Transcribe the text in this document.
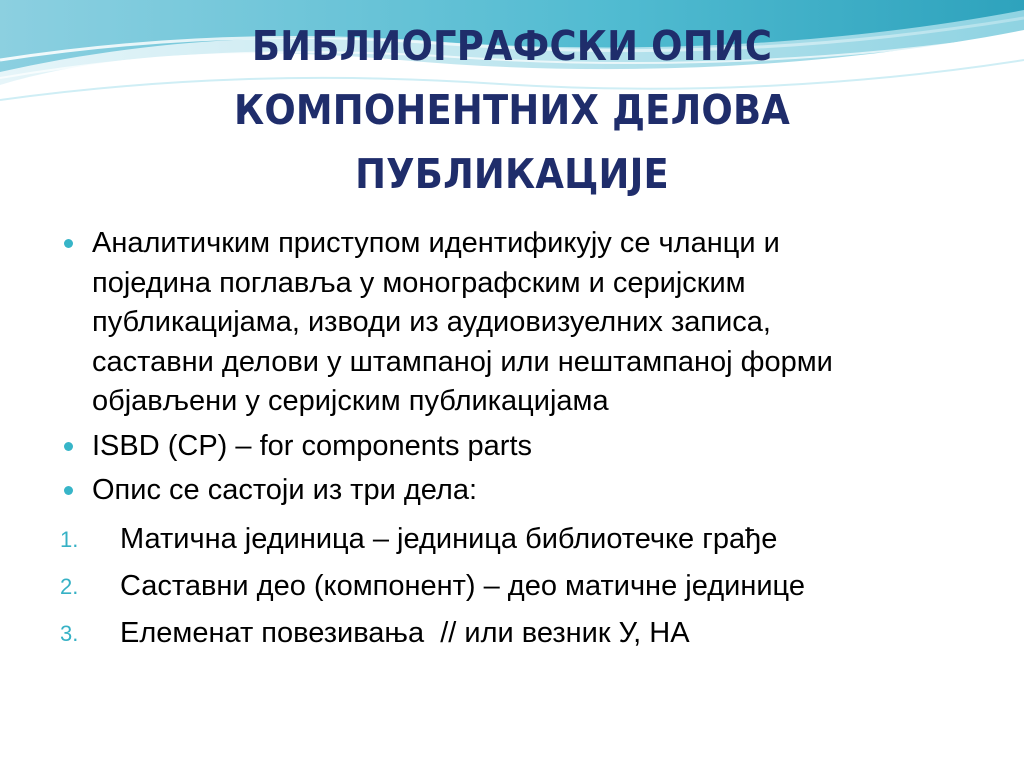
БИБЛИОГРАФСКИ ОПИС
КОМПОНЕНТНИХ ДЕЛОВА
ПУБЛИКАЦИЈЕ
Аналитичким приступом идентификују се чланци и
поједина поглавља у монографским и серијским
публикацијама, изводи из аудиовизуелних записа,
саставни делови у штампаној или нештампаној форми
објављени у серијским публикацијама
ISBD (CP) – for components parts
Опис се састоји из три дела:
1. Матична јединица – јединица библиотечке грађе
2. Саставни део (компонент) – део матичне јединице
3. Елеменат повезивања  // или везник У, НА
